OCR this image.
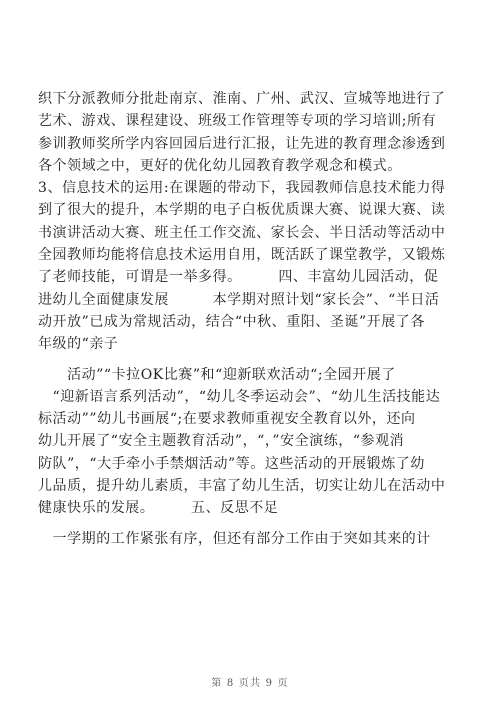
织下分派教师分批赴南京、淮南、广州、武汉、宣城等地进行了
艺术、游戏、课程建设、班级工作管理等专项的学习培训;所有
参训教师奖所学内容回园后进行汇报，让先进的教育理念渗透到
各个领域之中，更好的优化幼儿园教育教学观念和模式。
3、信息技术的运用:在课题的带动下，我园教师信息技术能力得
到了很大的提升，本学期的电子白板优质课大赛、说课大赛、读
书演讲活动大赛、班主任工作交流、家长会、半日活动等活动中
全园教师均能将信息技术运用自用，既活跃了课堂教学，又锻炼
了老师技能，可谓是一举多得。　　　四、丰富幼儿园活动，促
进幼儿全面健康发展　　　本学期对照计划“家长会”、“半日活
动开放”已成为常规活动，结合“中秋、重阳、圣诞”开展了各
年级的“亲子
　　活动”“卡拉OK比赛”和“迎新联欢活动“;全园开展了
　“迎新语言系列活动”，“幼儿冬季运动会”、“幼儿生活技能达
标活动””幼儿书画展“;在要求教师重视安全教育以外，还向
幼儿开展了“安全主题教育活动”，“，”安全演练，“参观消
防队”，“大手牵小手禁烟活动”等。这些活动的开展锻炼了幼
儿品质，提升幼儿素质，丰富了幼儿生活，切实让幼儿在活动中
健康快乐的发展。　　　五、反思不足
　一学期的工作紧张有序，但还有部分工作由于突如其来的计
第 8 页共 9 页
